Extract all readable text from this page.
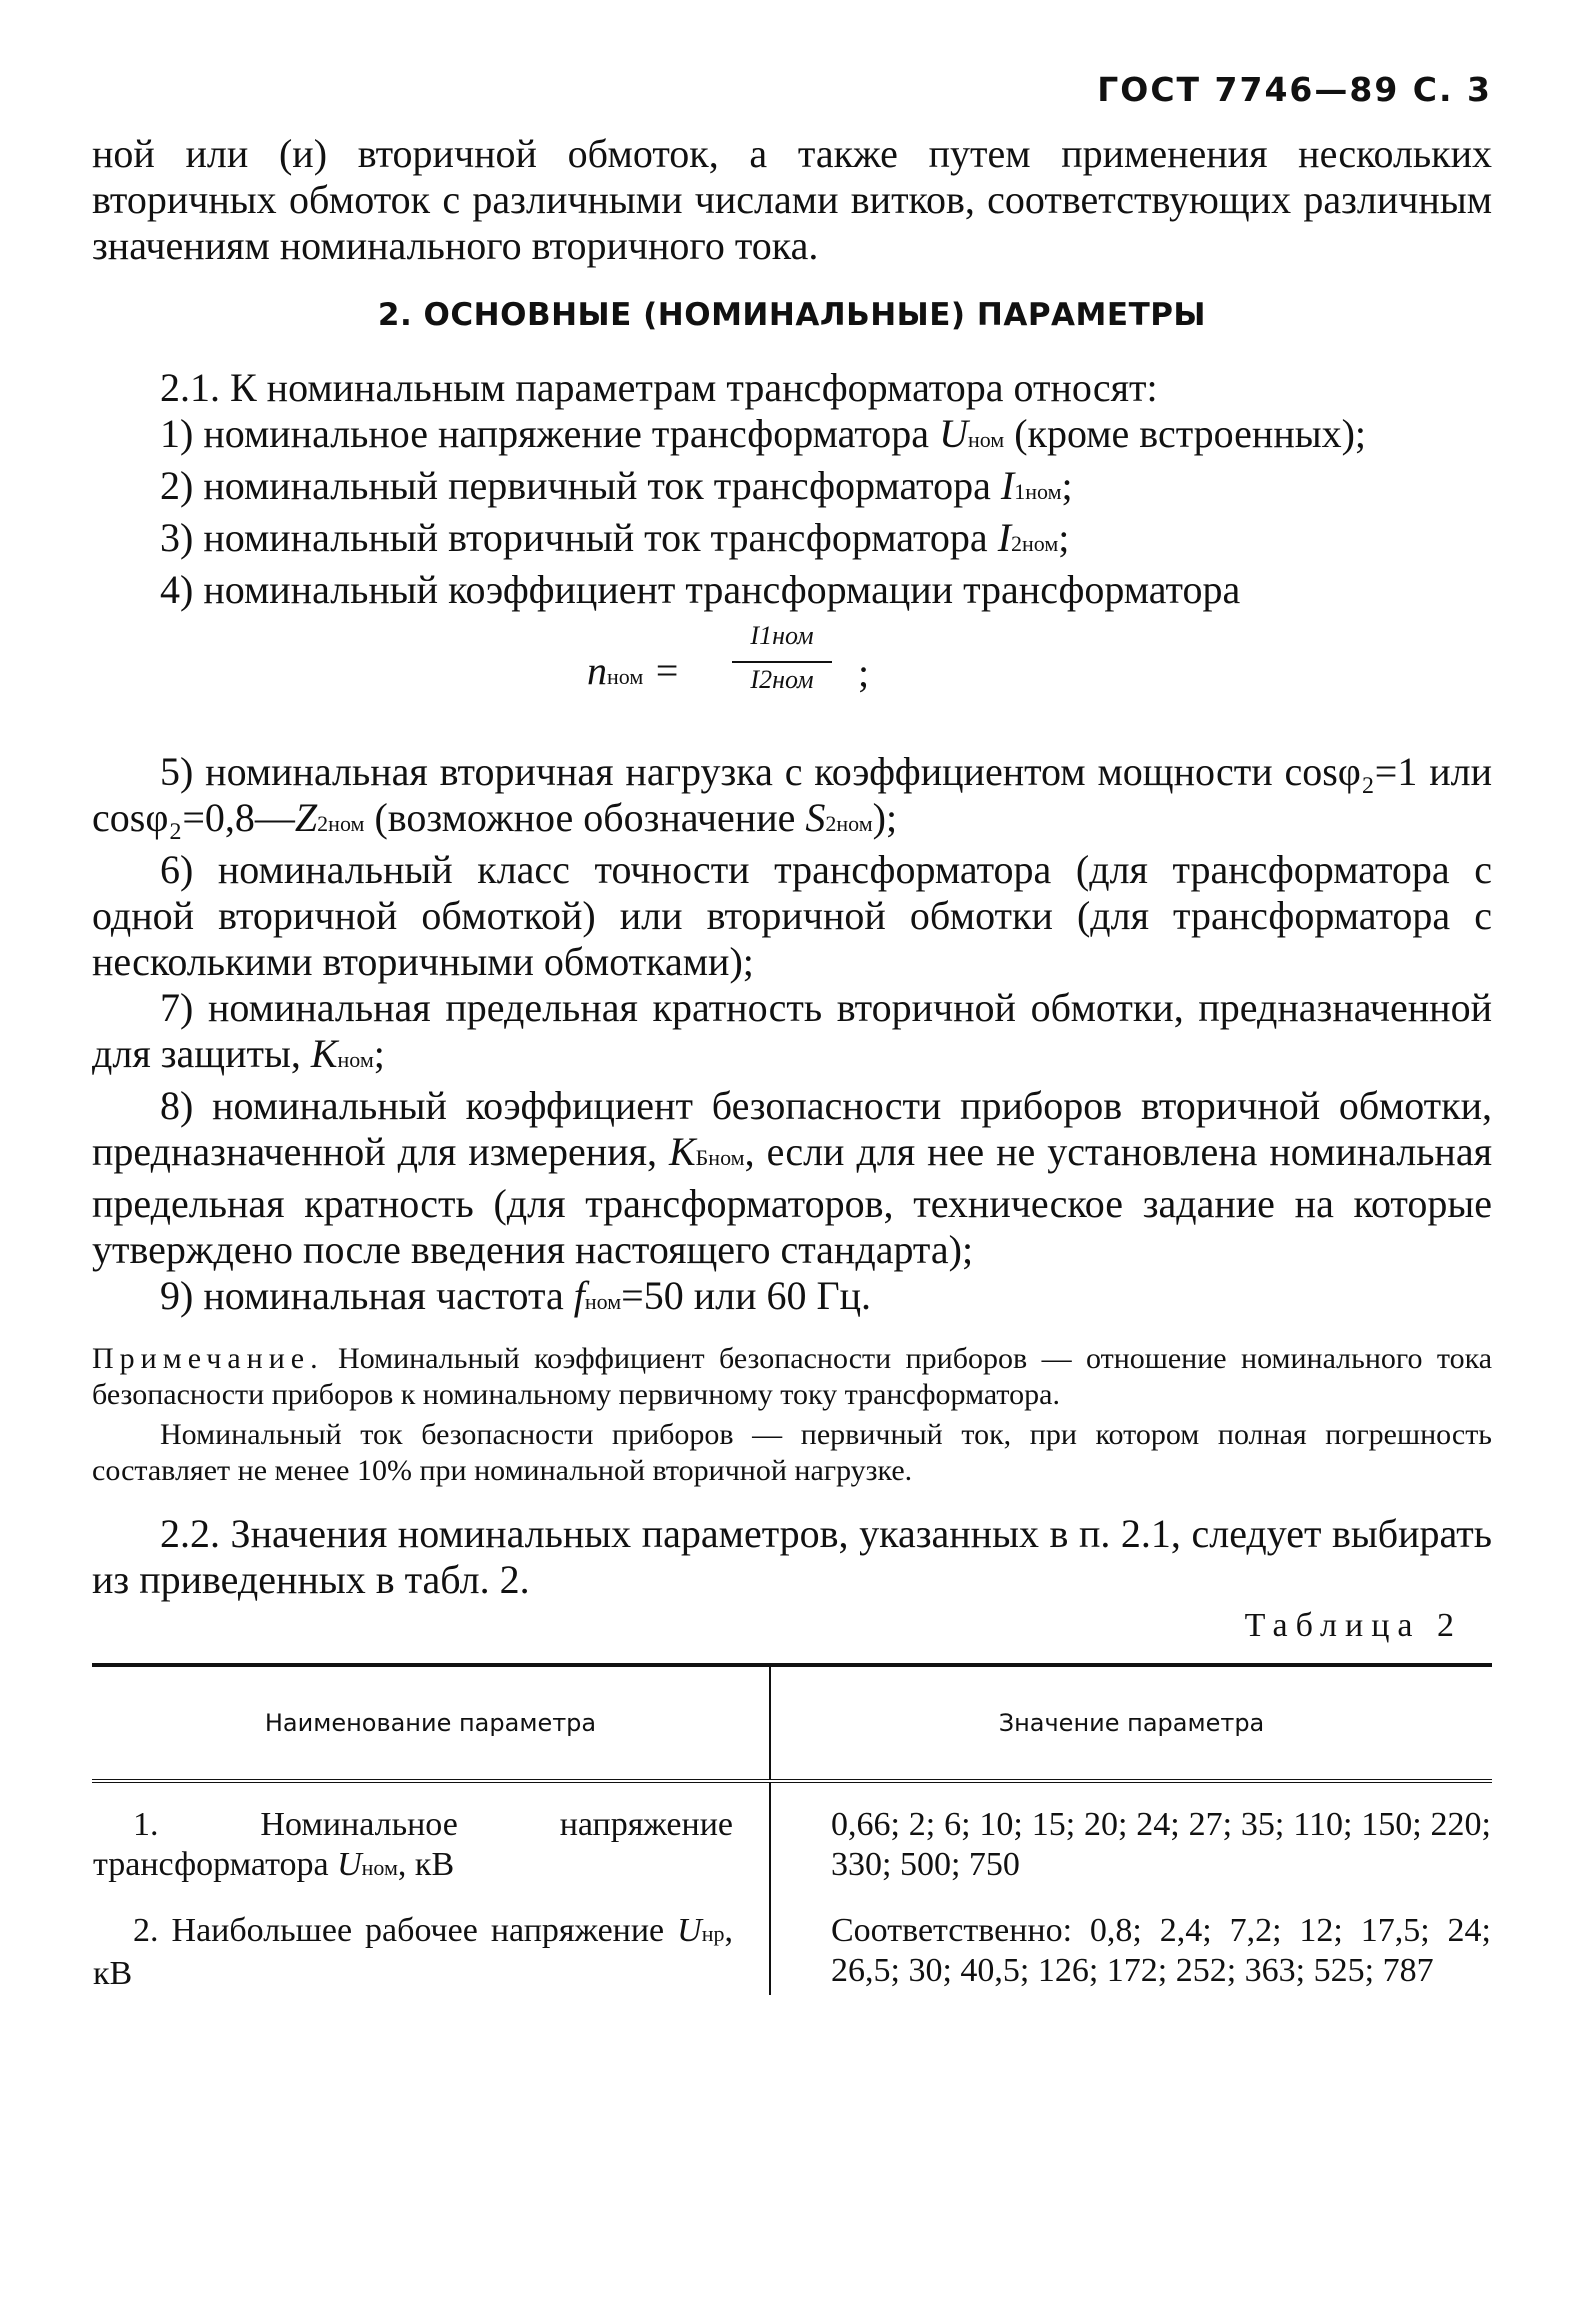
ГОСТ 7746—89 С. 3

ной или (и) вторичной обмоток, а также путем применения нескольких вторичных обмоток с различными числами витков, соответствующих различным значениям номинального вторичного тока.

2. ОСНОВНЫЕ (НОМИНАЛЬНЫЕ) ПАРАМЕТРЫ

2.1. К номинальным параметрам трансформатора относят:

1) номинальное напряжение трансформатора Uном (кроме встроенных);

2) номинальный первичный ток трансформатора I1ном;

3) номинальный вторичный ток трансформатора I2ном;

4) номинальный коэффициент трансформации трансформатора

nном =
I1ном
I2ном	;

5) номинальная вторичная нагрузка с коэффициентом мощности cosφ₂=1 или cosφ₂=0,8—Z2ном (возможное обозначение S2ном);

6) номинальный класс точности трансформатора (для трансформатора с одной вторичной обмоткой) или вторичной обмотки (для трансформатора с несколькими вторичными обмотками);

7) номинальная предельная кратность вторичной обмотки, предназначенной для защиты, Kном;

8) номинальный коэффициент безопасности приборов вторичной обмотки, предназначенной для измерения, KБном, если для нее не установлена номинальная предельная кратность (для трансформаторов, техническое задание на которые утверждено после введения настоящего стандарта);

9) номинальная частота fном=50 или 60 Гц.

Примечание. Номинальный коэффициент безопасности приборов — отношение номинального тока безопасности приборов к номинальному первичному току трансформатора.

Номинальный ток безопасности приборов — первичный ток, при котором полная погрешность составляет не менее 10% при номинальной вторичной нагрузке.

2.2. Значения номинальных параметров, указанных в п. 2.1, следует выбирать из приведенных в табл. 2.

Таблица 2
Наименование параметра	Значение параметра
1. Номинальное напряжение трансформатора Uном, кВ	0,66; 2; 6; 10; 15; 20; 24; 27; 35; 110; 150; 220; 330; 500; 750
2. Наибольшее рабочее напряжение Uнр, кВ	Соответственно: 0,8; 2,4; 7,2; 12; 17,5; 24; 26,5; 30; 40,5; 126; 172; 252; 363; 525; 787
